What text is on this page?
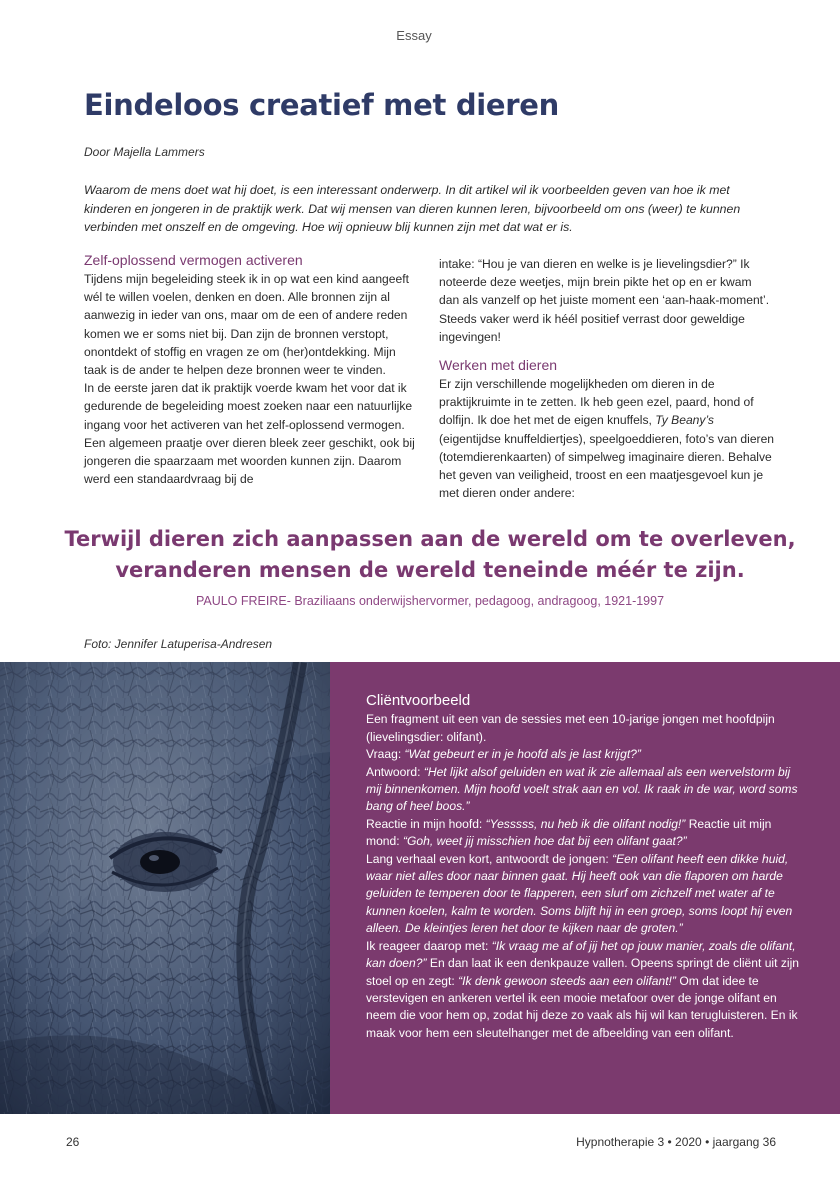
Essay
Eindeloos creatief met dieren
Door Majella Lammers

Waarom de mens doet wat hij doet, is een interessant onderwerp. In dit artikel wil ik voorbeelden geven van hoe ik met kinderen en jongeren in de praktijk werk. Dat wij mensen van dieren kunnen leren, bijvoorbeeld om ons (weer) te kunnen verbinden met onszelf en de omgeving. Hoe wij opnieuw blij kunnen zijn met dat wat er is.

Zelf-oplossend vermogen activeren

Tijdens mijn begeleiding steek ik in op wat een kind aangeeft wél te willen voelen, denken en doen. Alle bronnen zijn al aanwezig in ieder van ons, maar om de een of andere reden komen we er soms niet bij. Dan zijn de bronnen verstopt, onontdekt of stoffig en vragen ze om (her)ontdekking. Mijn taak is de ander te helpen deze bronnen weer te vinden.

In de eerste jaren dat ik praktijk voerde kwam het voor dat ik gedurende de begeleiding moest zoeken naar een natuurlijke ingang voor het activeren van het zelf-oplossend vermogen. Een algemeen praatje over dieren bleek zeer geschikt, ook bij jongeren die spaarzaam met woorden kunnen zijn. Daarom werd een standaardvraag bij de

intake: “Hou je van dieren en welke is je lievelingsdier?” Ik noteerde deze weetjes, mijn brein pikte het op en er kwam dan als vanzelf op het juiste moment een ‘aan-haak-moment’. Steeds vaker werd ik héél positief verrast door geweldige ingevingen!

Werken met dieren

Er zijn verschillende mogelijkheden om dieren in de praktijkruimte in te zetten. Ik heb geen ezel, paard, hond of dolfijn. Ik doe het met de eigen knuffels, Ty Beany’s (eigentijdse knuffeldiertjes), speelgoeddieren, foto’s van dieren (totemdierenkaarten) of simpelweg imaginaire dieren. Behalve het geven van veiligheid, troost en een maatjesgevoel kun je met dieren onder andere:

Terwijl dieren zich aanpassen aan de wereld om te overleven,
veranderen mensen de wereld teneinde méér te zijn.
PAULO FREIRE- Braziliaans onderwijshervormer, pedagoog, andragoog, 1921-1997
Foto: Jennifer Latuperisa-Andresen
Cliëntvoorbeeld

Een fragment uit een van de sessies met een 10-jarige jongen met hoofdpijn (lievelingsdier: olifant).
Vraag: “Wat gebeurt er in je hoofd als je last krijgt?”
Antwoord: “Het lijkt alsof geluiden en wat ik zie allemaal als een wervelstorm bij mij binnenkomen. Mijn hoofd voelt strak aan en vol. Ik raak in de war, word soms bang of heel boos.”
Reactie in mijn hoofd: “Yesssss, nu heb ik die olifant nodig!” Reactie uit mijn mond: “Goh, weet jij misschien hoe dat bij een olifant gaat?”
Lang verhaal even kort, antwoordt de jongen: “Een olifant heeft een dikke huid, waar niet alles door naar binnen gaat. Hij heeft ook van die flaporen om harde geluiden te temperen door te flapperen, een slurf om zichzelf met water af te kunnen koelen, kalm te worden. Soms blijft hij in een groep, soms loopt hij even alleen. De kleintjes leren het door te kijken naar de groten.”
Ik reageer daarop met: “Ik vraag me af of jij het op jouw manier, zoals die olifant, kan doen?” En dan laat ik een denkpauze vallen. Opeens springt de cliënt uit zijn stoel op en zegt: “Ik denk gewoon steeds aan een olifant!” Om dat idee te verstevigen en ankeren vertel ik een mooie metafoor over de jonge olifant en neem die voor hem op, zodat hij deze zo vaak als hij wil kan terugluisteren. En ik maak voor hem een sleutelhanger met de afbeelding van een olifant.

26	Hypnotherapie 3 • 2020 • jaargang 36
